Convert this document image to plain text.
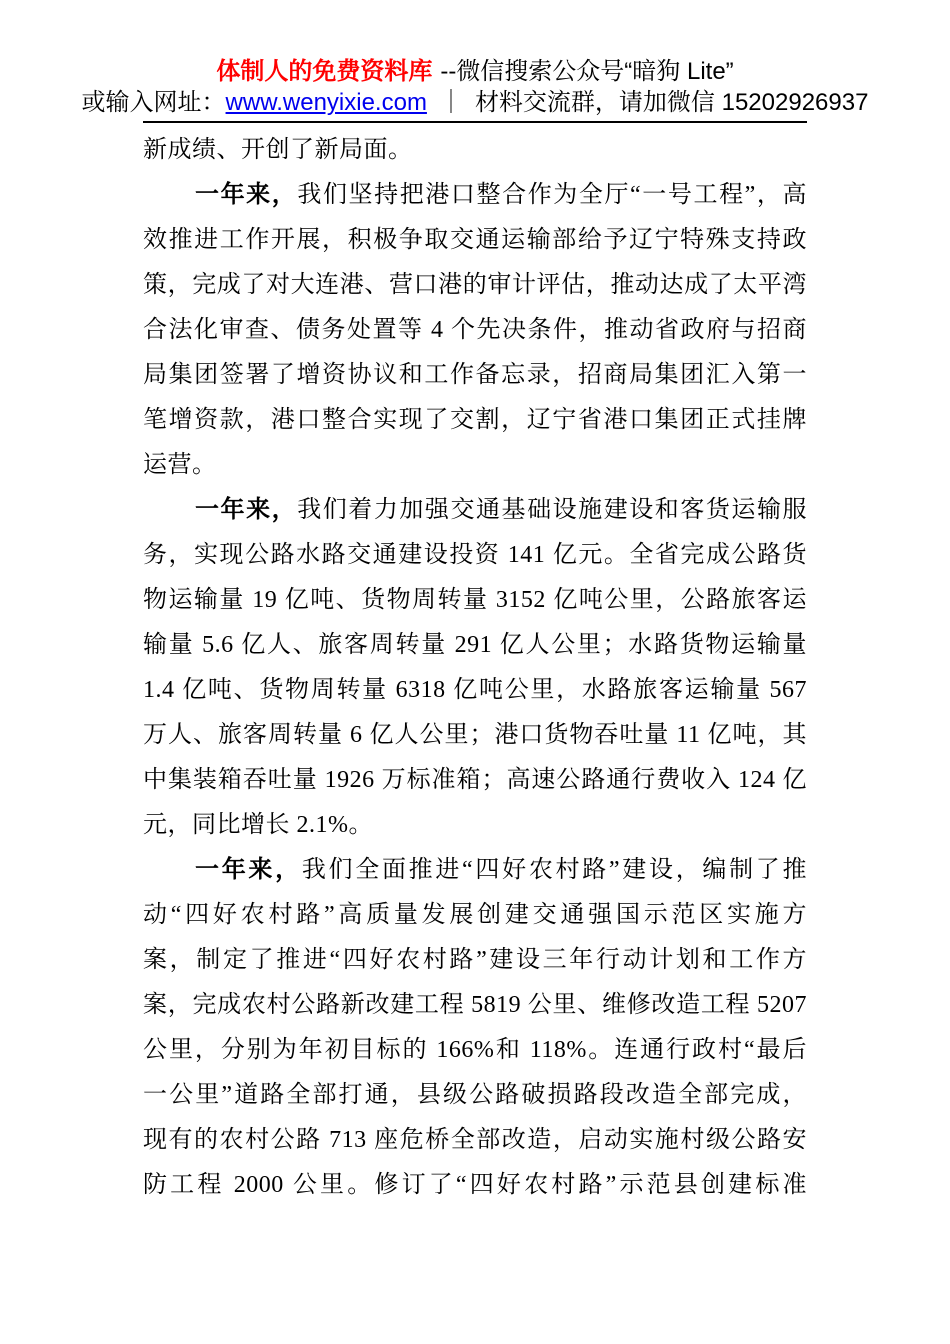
体制人的免费资料库 --微信搜索公众号“暗狗 Lite”
或输入网址：www.wenyixie.com ｜ 材料交流群，请加微信 15202926937
新成绩、开创了新局面。
一年来，我们坚持把港口整合作为全厅“一号工程”，高
效推进工作开展，积极争取交通运输部给予辽宁特殊支持政
策，完成了对大连港、营口港的审计评估，推动达成了太平湾
合法化审查、债务处置等 4 个先决条件，推动省政府与招商
局集团签署了增资协议和工作备忘录，招商局集团汇入第一
笔增资款，港口整合实现了交割，辽宁省港口集团正式挂牌
运营。
一年来，我们着力加强交通基础设施建设和客货运输服
务，实现公路水路交通建设投资 141 亿元。全省完成公路货
物运输量 19 亿吨、货物周转量 3152 亿吨公里，公路旅客运
输量 5.6 亿人、旅客周转量 291 亿人公里；水路货物运输量
1.4 亿吨、货物周转量 6318 亿吨公里，水路旅客运输量 567
万人、旅客周转量 6 亿人公里；港口货物吞吐量 11 亿吨，其
中集装箱吞吐量 1926 万标准箱；高速公路通行费收入 124 亿
元，同比增长 2.1%。
一年来，我们全面推进“四好农村路”建设，编制了推
动“四好农村路”高质量发展创建交通强国示范区实施方
案，制定了推进“四好农村路”建设三年行动计划和工作方
案，完成农村公路新改建工程 5819 公里、维修改造工程 5207
公里，分别为年初目标的 166%和 118%。连通行政村“最后
一公里”道路全部打通，县级公路破损路段改造全部完成，
现有的农村公路 713 座危桥全部改造，启动实施村级公路安
防工程 2000 公里。修订了“四好农村路”示范县创建标准
